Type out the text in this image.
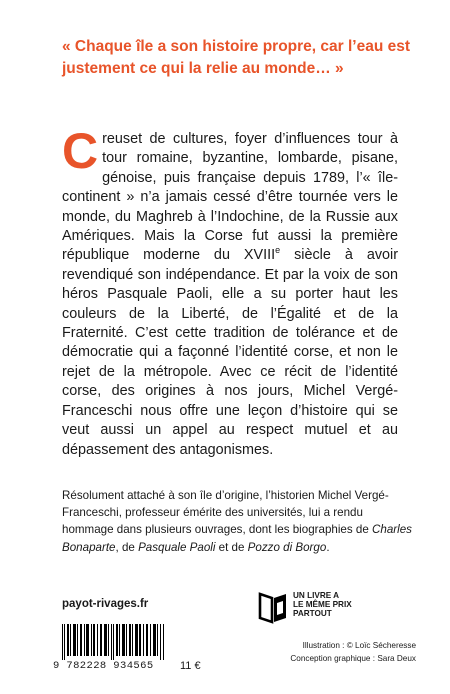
« Chaque île a son histoire propre, car l’eau est justement ce qui la relie au monde… »
Creuset de cultures, foyer d’influences tour à tour romaine, byzantine, lombarde, pisane, génoise, puis française depuis 1789, l’« île-continent » n’a jamais cessé d’être tournée vers le monde, du Maghreb à l’Indochine, de la Russie aux Amériques. Mais la Corse fut aussi la première république moderne du XVIIIe siècle à avoir revendiqué son indépendance. Et par la voix de son héros Pasquale Paoli, elle a su porter haut les couleurs de la Liberté, de l’Égalité et de la Fraternité. C’est cette tradition de tolérance et de démocratie qui a façonné l’identité corse, et non le rejet de la métropole. Avec ce récit de l’identité corse, des origines à nos jours, Michel Vergé-Franceschi nous offre une leçon d’histoire qui se veut aussi un appel au respect mutuel et au dépassement des antagonismes.
Résolument attaché à son île d’origine, l’historien Michel Vergé-Franceschi, professeur émérite des universités, lui a rendu hommage dans plusieurs ouvrages, dont les biographies de Charles Bonaparte, de Pasquale Paoli et de Pozzo di Borgo.
payot-rivages.fr
9 782228 934565 11 €
UN LIVRE A
LE MÊME PRIX
PARTOUT
Illustration : © Loïc Sécheresse
Conception graphique : Sara Deux
